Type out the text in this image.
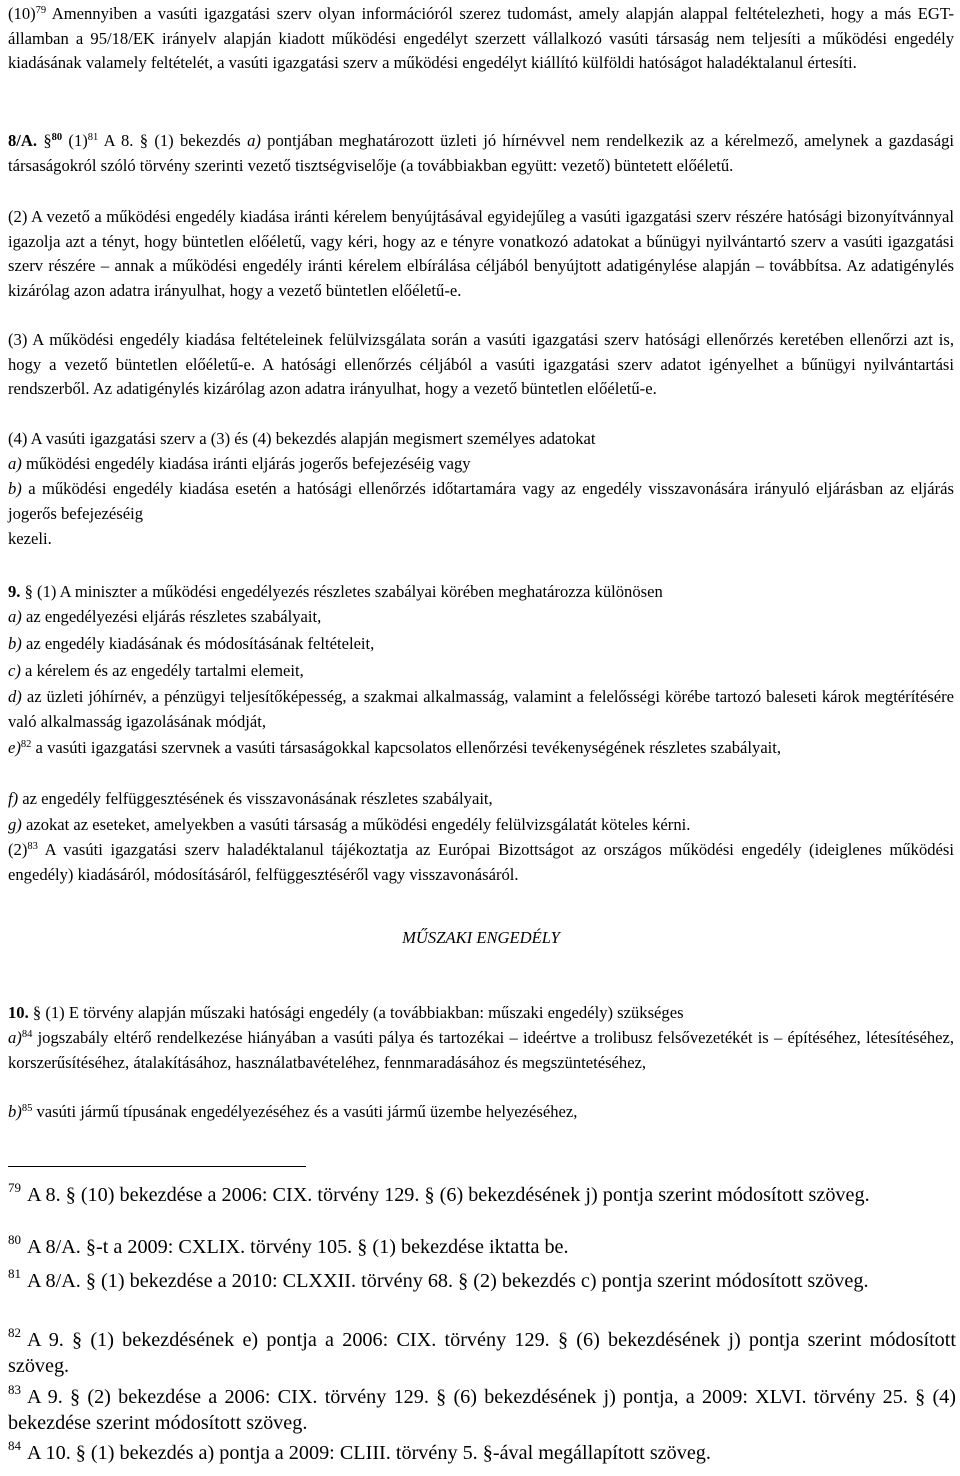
$(10)^{79}$ Amennyiben a vasúti igazgatási szerv olyan információról szerez tudomást, amely alapján alappal feltételezheti, hogy a más EGT-államban a 95/18/EK irányelv alapján kiadott működési engedélyt szerzett vállalkozó vasúti társaság nem teljesíti a működési engedély kiadásának valamely feltételét, a vasúti igazgatási szerv a működési engedélyt kiállító külföldi hatóságot haladéktalanul értesíti.

8/A. §$^{80}$ $(1)^{81}$ A 8. § (1) bekezdés a) pontjában meghatározott üzleti jó hírnévvel nem rendelkezik az a kérelmező, amelynek a gazdasági társaságokról szóló törvény szerinti vezető tisztségviselője (a továbbiakban együtt: vezető) büntetett előéletű.

(2) A vezető a működési engedély kiadása iránti kérelem benyújtásával egyidejűleg a vasúti igazgatási szerv részére hatósági bizonyítvánnyal igazolja azt a tényt, hogy büntetlen előéletű, vagy kéri, hogy az e tényre vonatkozó adatokat a bűnügyi nyilvántartó szerv a vasúti igazgatási szerv részére – annak a működési engedély iránti kérelem elbírálása céljából benyújtott adatigénylése alapján – továbbítsa. Az adatigénylés kizárólag azon adatra irányulhat, hogy a vezető büntetlen előéletű-e.

(3) A működési engedély kiadása feltételeinek felülvizsgálata során a vasúti igazgatási szerv hatósági ellenőrzés keretében ellenőrzi azt is, hogy a vezető büntetlen előéletű-e. A hatósági ellenőrzés céljából a vasúti igazgatási szerv adatot igényelhet a bűnügyi nyilvántartási rendszerből. Az adatigénylés kizárólag azon adatra irányulhat, hogy a vezető büntetlen előéletű-e.

(4) A vasúti igazgatási szerv a (3) és (4) bekezdés alapján megismert személyes adatokat

a) működési engedély kiadása iránti eljárás jogerős befejezéséig vagy

b) a működési engedély kiadása esetén a hatósági ellenőrzés időtartamára vagy az engedély visszavonására irányuló eljárásban az eljárás jogerős befejezéséig

kezeli.

9. § (1) A miniszter a működési engedélyezés részletes szabályai körében meghatározza különösen

a) az engedélyezési eljárás részletes szabályait,

b) az engedély kiadásának és módosításának feltételeit,

c) a kérelem és az engedély tartalmi elemeit,

d) az üzleti jóhírnév, a pénzügyi teljesítőképesség, a szakmai alkalmasság, valamint a felelősségi körébe tartozó baleseti károk megtérítésére való alkalmasság igazolásának módját,

e)$^{82}$ a vasúti igazgatási szervnek a vasúti társaságokkal kapcsolatos ellenőrzési tevékenységének részletes szabályait,

f) az engedély felfüggesztésének és visszavonásának részletes szabályait,

g) azokat az eseteket, amelyekben a vasúti társaság a működési engedély felülvizsgálatát köteles kérni.

$(2)^{83}$ A vasúti igazgatási szerv haladéktalanul tájékoztatja az Európai Bizottságot az országos működési engedély (ideiglenes működési engedély) kiadásáról, módosításáról, felfüggesztéséről vagy visszavonásáról.

MŰSZAKI ENGEDÉLY

10. § (1) E törvény alapján műszaki hatósági engedély (a továbbiakban: műszaki engedély) szükséges

a)$^{84}$ jogszabály eltérő rendelkezése hiányában a vasúti pálya és tartozékai – ideértve a trolibusz felsővezetékét is – építéséhez, létesítéséhez, korszerűsítéséhez, átalakításához, használatbavételéhez, fennmaradásához és megszüntetéséhez,

b)$^{85}$ vasúti jármű típusának engedélyezéséhez és a vasúti jármű üzembe helyezéséhez,

$^{79}$ A 8. § (10) bekezdése a 2006: CIX. törvény 129. § (6) bekezdésének j) pontja szerint módosított szöveg.

$^{80}$ A 8/A. §-t a 2009: CXLIX. törvény 105. § (1) bekezdése iktatta be.

$^{81}$ A 8/A. § (1) bekezdése a 2010: CLXXII. törvény 68. § (2) bekezdés c) pontja szerint módosított szöveg.

$^{82}$ A 9. § (1) bekezdésének e) pontja a 2006: CIX. törvény 129. § (6) bekezdésének j) pontja szerint módosított szöveg.

$^{83}$ A 9. § (2) bekezdése a 2006: CIX. törvény 129. § (6) bekezdésének j) pontja, a 2009: XLVI. törvény 25. § (4) bekezdése szerint módosított szöveg.

$^{84}$ A 10. § (1) bekezdés a) pontja a 2009: CLIII. törvény 5. §-ával megállapított szöveg.
